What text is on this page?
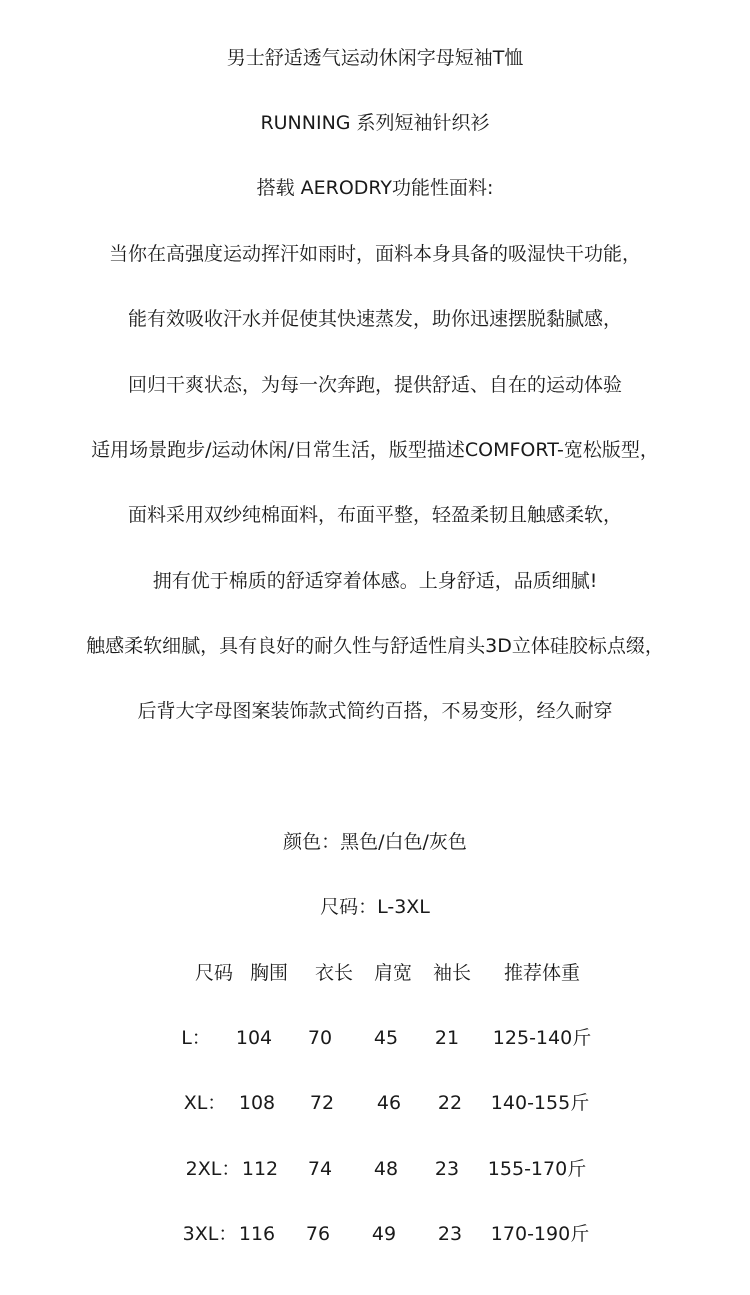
男士舒适透气运动休闲字母短袖T恤
RUNNING 系列短袖针织衫
搭载 AERODRY功能性面料:
当你在高强度运动挥汗如雨时，面料本身具备的吸湿快干功能，
能有效吸收汗水并促使其快速蒸发，助你迅速摆脱黏腻感，
回归干爽状态，为每一次奔跑，提供舒适、自在的运动体验
适用场景跑步/运动休闲/日常生活，版型描述COMFORT-宽松版型，
面料采用双纱纯棉面料，布面平整，轻盈柔韧且触感柔软，
拥有优于棉质的舒适穿着体感。上身舒适，品质细腻!
触感柔软细腻，具有良好的耐久性与舒适性肩头3D立体硅胶标点缀，
后背大字母图案装饰款式简约百搭，不易变形，经久耐穿
颜色：黑色/白色/灰色
尺码：L-3XL
尺码 胸围 衣长 肩宽 袖长 推荐体重
L： 104 70 45 21 125-140斤
XL： 108 72 46 22 140-155斤
2XL： 112 74 48 23 155-170斤
3XL： 116 76 49 23 170-190斤
